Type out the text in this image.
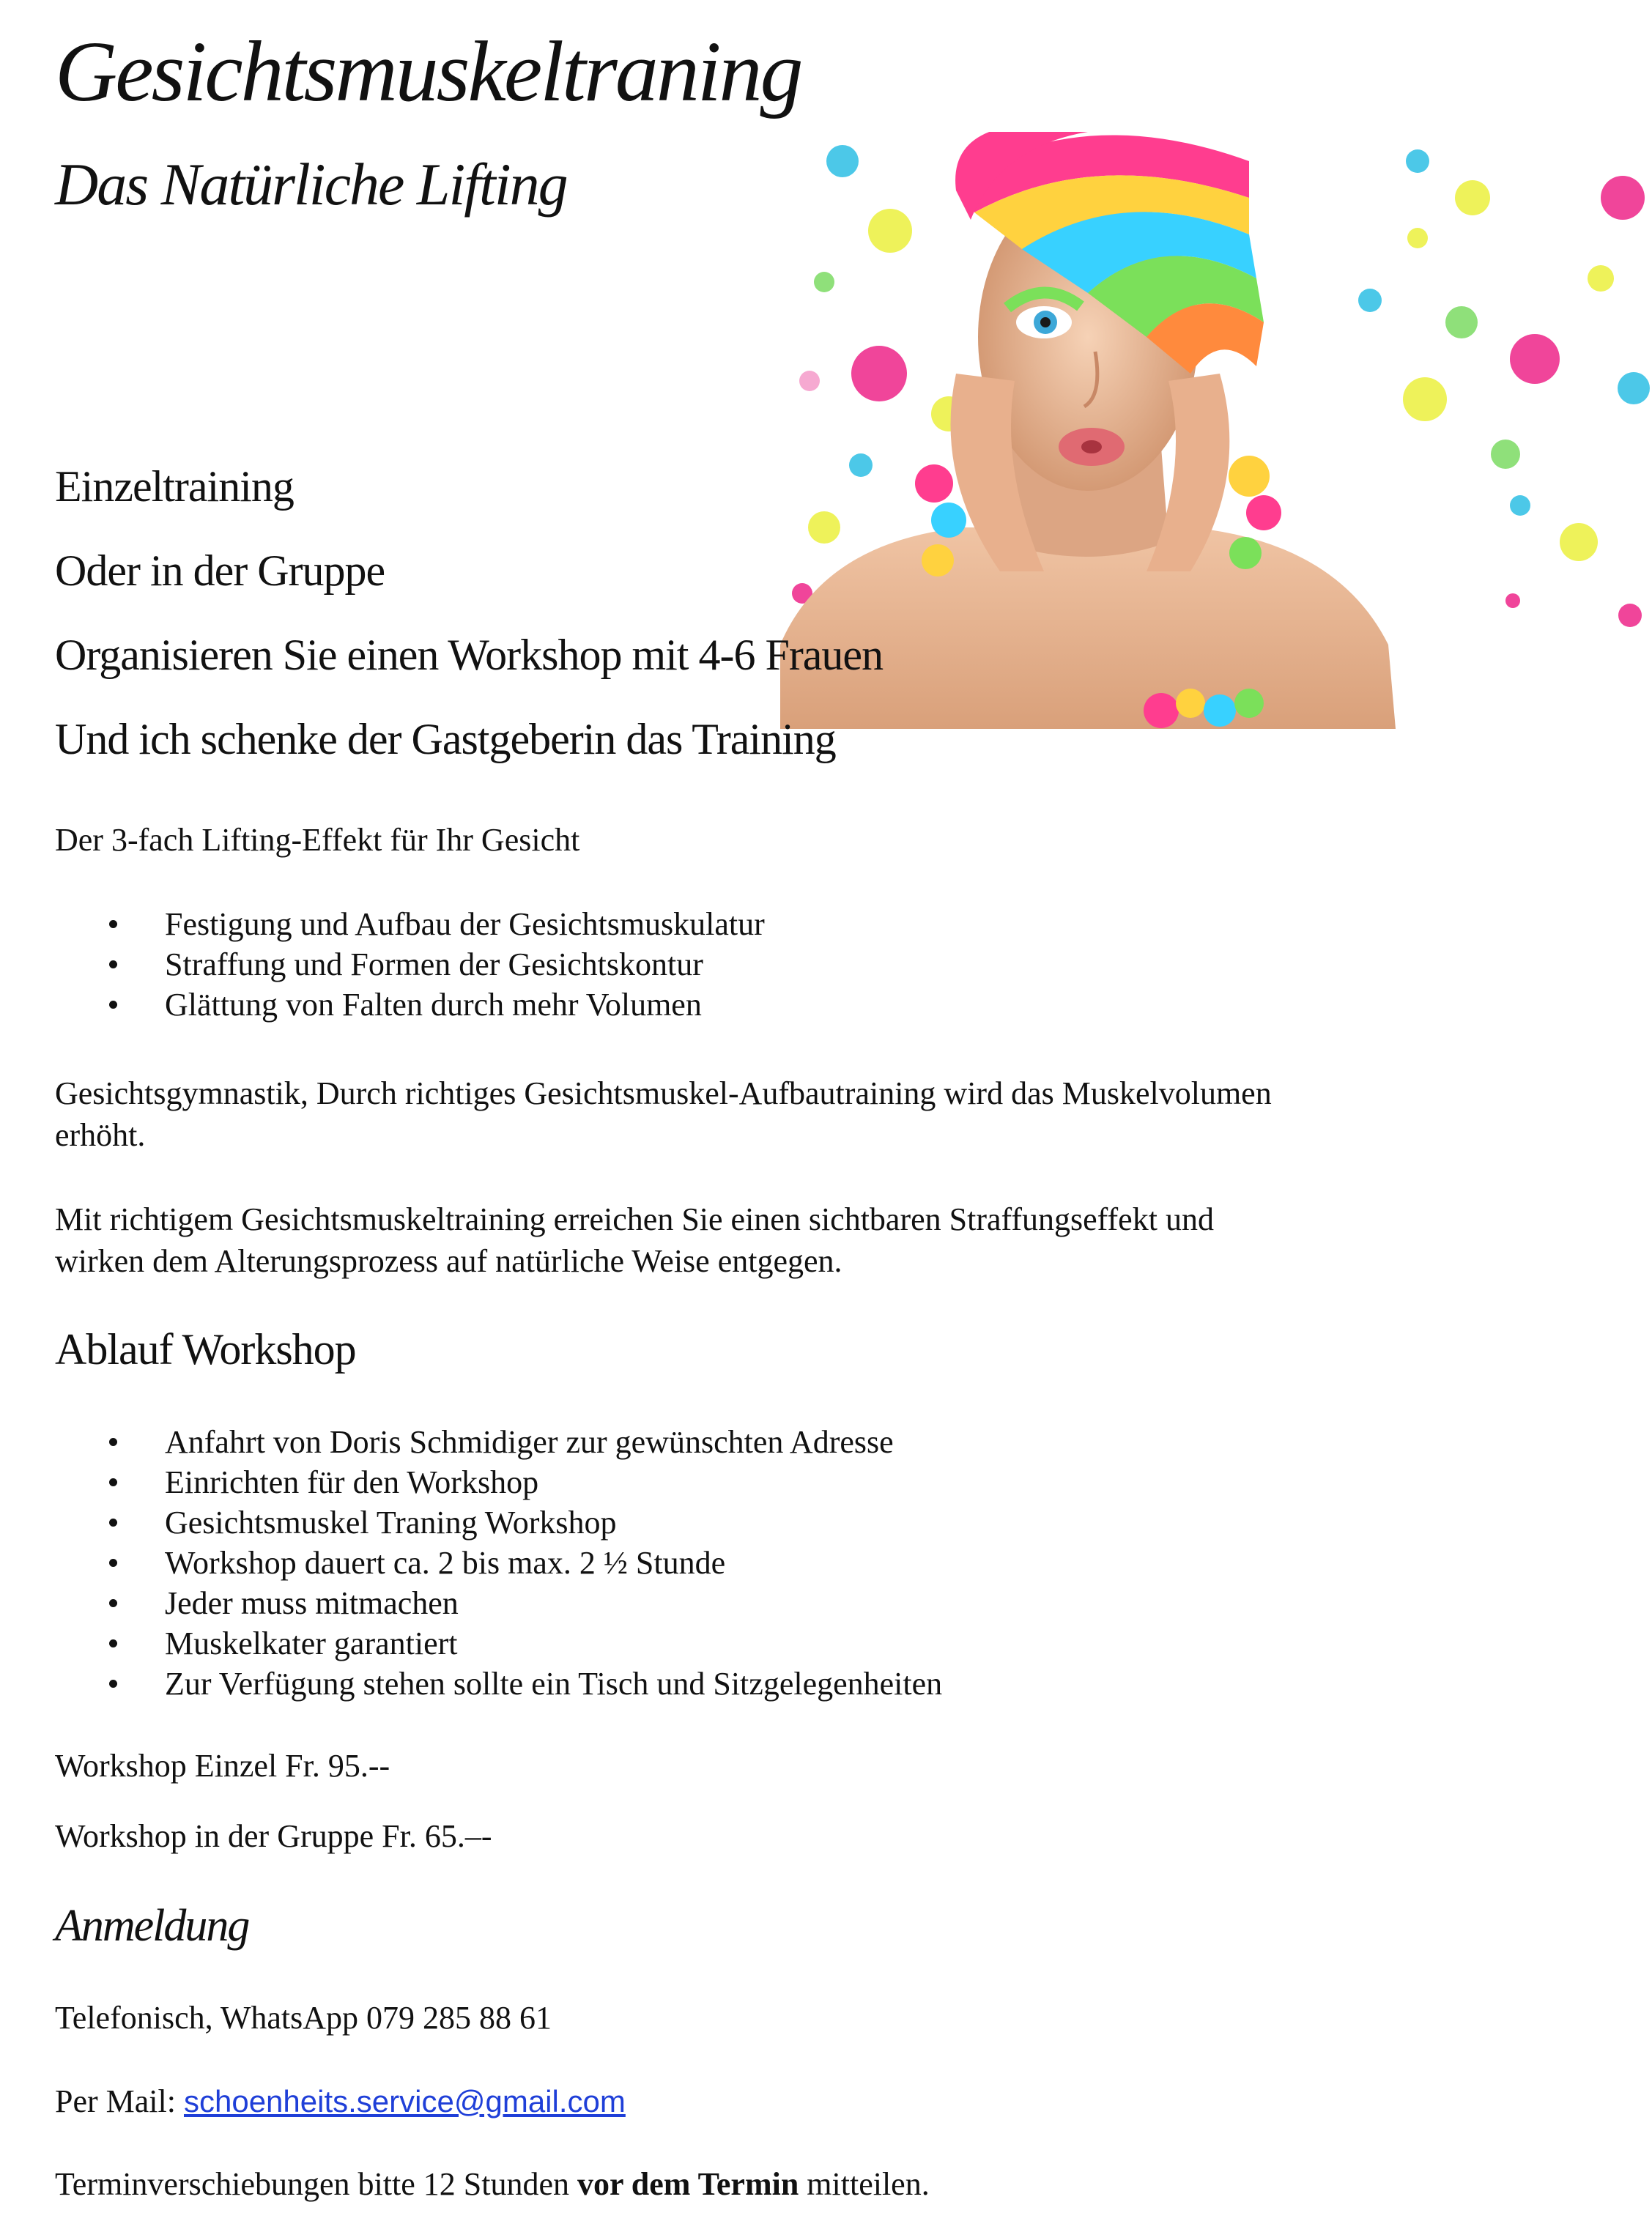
Gesichtsmuskeltraning
Das Natürliche Lifting
Einzeltraining
Oder in der Gruppe
Organisieren Sie einen Workshop mit 4-6 Frauen
Und ich schenke der Gastgeberin das Training

Der 3-fach Lifting-Effekt für Ihr Gesicht

Festigung und Aufbau der Gesichtsmuskulatur
Straffung und Formen der Gesichtskontur
Glättung von Falten durch mehr Volumen

Gesichtsgymnastik, Durch richtiges Gesichtsmuskel-Aufbautraining wird das Muskelvolumen
erhöht.

Mit richtigem Gesichtsmuskeltraining erreichen Sie einen sichtbaren Straffungseffekt und
wirken dem Alterungsprozess auf natürliche Weise entgegen.

Ablauf Workshop
Anfahrt von Doris Schmidiger zur gewünschten Adresse
Einrichten für den Workshop
Gesichtsmuskel Traning Workshop
Workshop dauert ca. 2 bis max. 2 ½ Stunde
Jeder muss mitmachen
Muskelkater garantiert
Zur Verfügung stehen sollte ein Tisch und Sitzgelegenheiten

Workshop Einzel Fr. 95.--

Workshop in der Gruppe Fr. 65.–-

Anmeldung

Telefonisch, WhatsApp 079 285 88 61

Per Mail: schoenheits.service@gmail.com

Terminverschiebungen bitte 12 Stunden vor dem Termin mitteilen.
